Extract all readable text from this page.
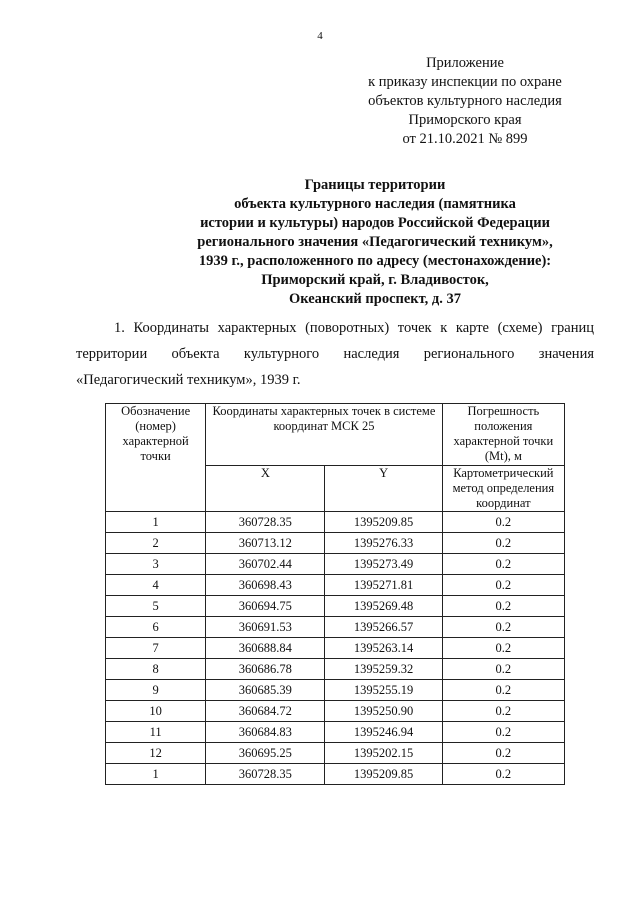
4
Приложение
к приказу инспекции по охране
объектов культурного наследия
Приморского края
от 21.10.2021 № 899
Границы территории
объекта культурного наследия (памятника
истории и культуры) народов Российской Федерации
регионального значения «Педагогический техникум»,
1939 г., расположенного по адресу (местонахождение):
Приморский край, г. Владивосток,
Океанский проспект, д. 37
1. Координаты характерных (поворотных) точек к карте (схеме) границ территории объекта культурного наследия регионального значения «Педагогический техникум», 1939 г.
Обозначение (номер) характерной точки	Координаты характерных точек в системе координат МСК 25		Погрешность положения характерной точки (Mt), м
	X	Y	Картометрический метод определения координат
1	360728.35	1395209.85	0.2
2	360713.12	1395276.33	0.2
3	360702.44	1395273.49	0.2
4	360698.43	1395271.81	0.2
5	360694.75	1395269.48	0.2
6	360691.53	1395266.57	0.2
7	360688.84	1395263.14	0.2
8	360686.78	1395259.32	0.2
9	360685.39	1395255.19	0.2
10	360684.72	1395250.90	0.2
11	360684.83	1395246.94	0.2
12	360695.25	1395202.15	0.2
1	360728.35	1395209.85	0.2
